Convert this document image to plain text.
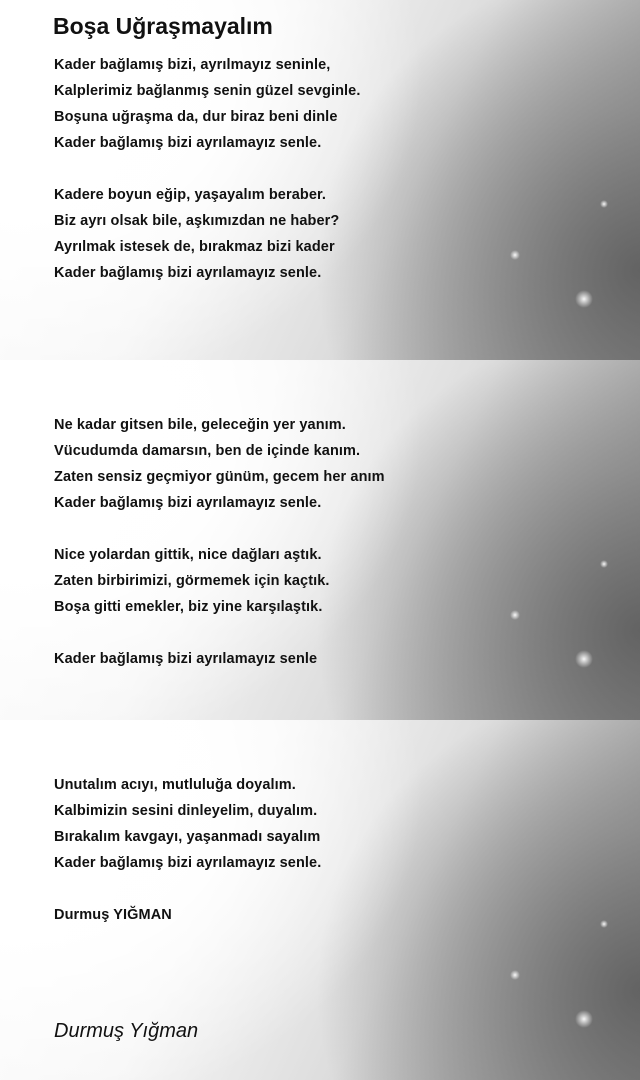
Boşa Uğraşmayalım
Kader bağlamış bizi, ayrılmayız seninle,
Kalplerimiz bağlanmış senin güzel sevginle.
Boşuna uğraşma da, dur biraz beni dinle
Kader bağlamış bizi ayrılamayız senle.
Kadere boyun eğip, yaşayalım beraber.
Biz ayrı olsak bile, aşkımızdan ne haber?
Ayrılmak istesek de, bırakmaz bizi kader
Kader bağlamış bizi ayrılamayız senle.
Ne kadar gitsen bile, geleceğin yer yanım.
Vücudumda damarsın, ben de içinde kanım.
Zaten sensiz geçmiyor günüm, gecem her anım
Kader bağlamış bizi ayrılamayız senle.
Nice yolardan gittik, nice dağları aştık.
Zaten birbirimizi, görmemek için kaçtık.
Boşa gitti emekler, biz yine karşılaştık.
Kader bağlamış bizi ayrılamayız senle
Unutalım acıyı, mutluluğa doyalım.
Kalbimizin sesini dinleyelim, duyalım.
Bırakalım kavgayı, yaşanmadı sayalım
Kader bağlamış bizi ayrılamayız senle.
Durmuş YIĞMAN
Durmuş Yığman
